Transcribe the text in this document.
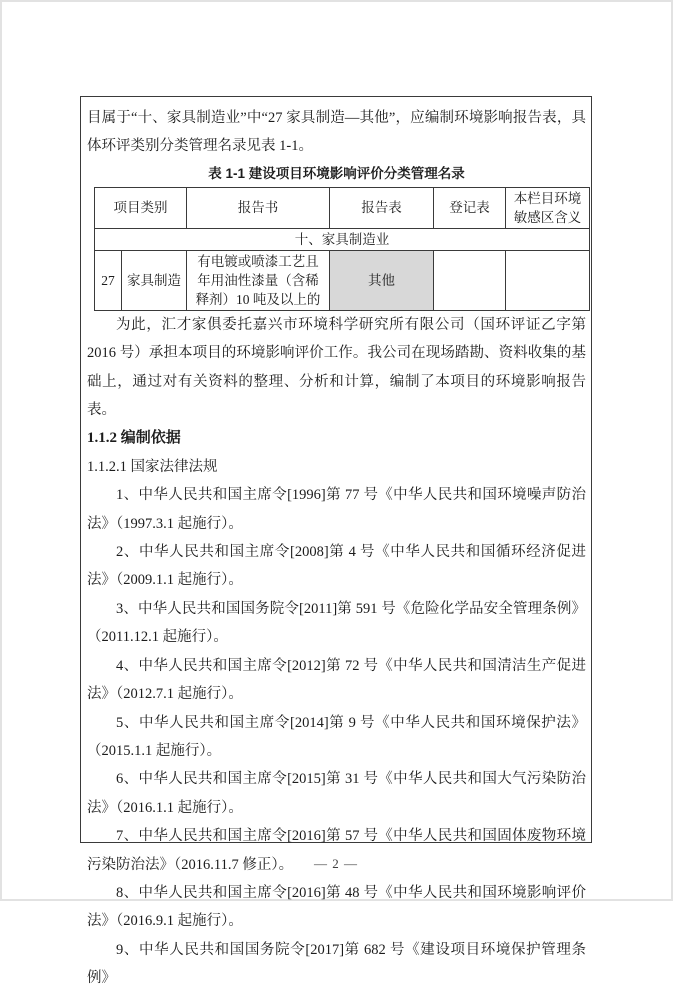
目属于“十、家具制造业”中“27 家具制造—其他”，应编制环境影响报告表，具体环评类别分类管理名录见表 1-1。

表 1-1 建设项目环境影响评价分类管理名录
项目类别		报告书	报告表	登记表	本栏目环境敏感区含义
十、家具制造业					
27	家具制造	有电镀或喷漆工艺且年用油性漆量（含稀释剂）10 吨及以上的	其他		

为此，汇才家俱委托嘉兴市环境科学研究所有限公司（国环评证乙字第 2016 号）承担本项目的环境影响评价工作。我公司在现场踏勘、资料收集的基础上，通过对有关资料的整理、分析和计算，编制了本项目的环境影响报告表。

1.1.2 编制依据
1.1.2.1 国家法律法规

1、中华人民共和国主席令[1996]第 77 号《中华人民共和国环境噪声防治法》（1997.3.1 起施行）。

2、中华人民共和国主席令[2008]第 4 号《中华人民共和国循环经济促进法》（2009.1.1 起施行）。

3、中华人民共和国国务院令[2011]第 591 号《危险化学品安全管理条例》（2011.12.1 起施行）。

4、中华人民共和国主席令[2012]第 72 号《中华人民共和国清洁生产促进法》（2012.7.1 起施行）。

5、中华人民共和国主席令[2014]第 9 号《中华人民共和国环境保护法》（2015.1.1 起施行）。

6、中华人民共和国主席令[2015]第 31 号《中华人民共和国大气污染防治法》（2016.1.1 起施行）。

7、中华人民共和国主席令[2016]第 57 号《中华人民共和国固体废物环境污染防治法》（2016.11.7 修正）。

8、中华人民共和国主席令[2016]第 48 号《中华人民共和国环境影响评价法》（2016.9.1 起施行）。

9、中华人民共和国国务院令[2017]第 682 号《建设项目环境保护管理条例》

— 2 —
